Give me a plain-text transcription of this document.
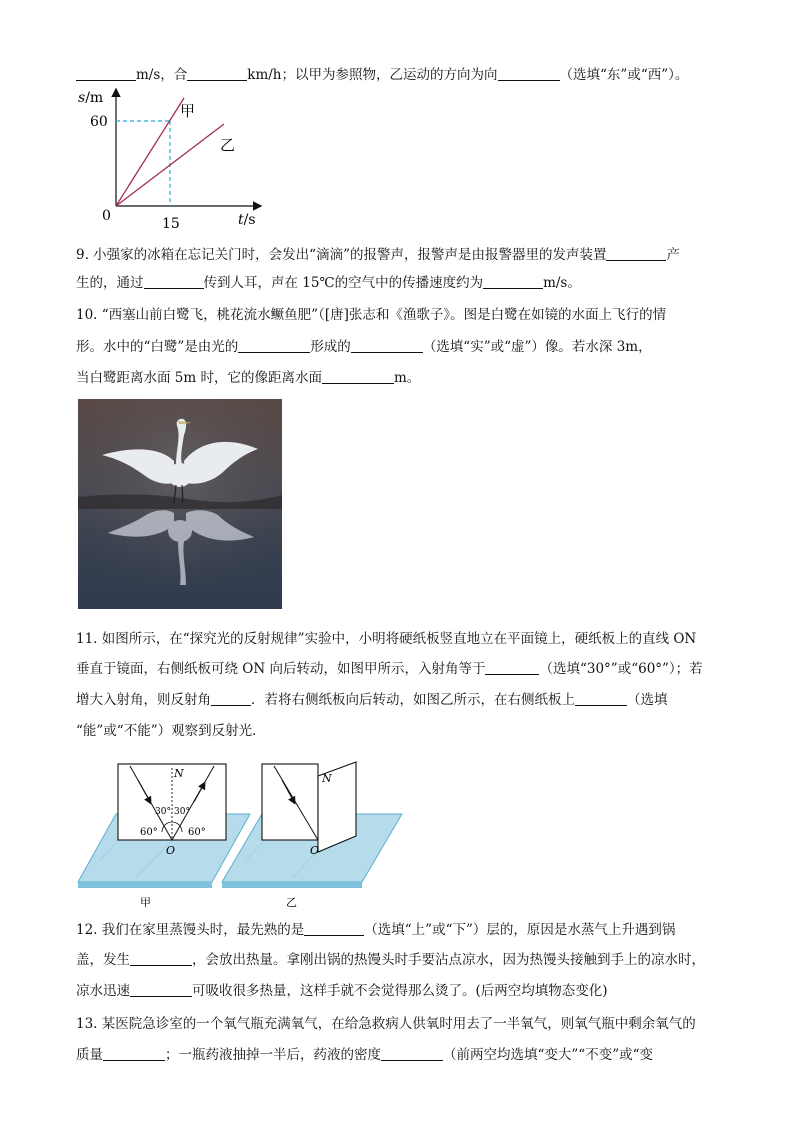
m/s，合	km/h；以甲为参照物，乙运动的方向为向	（选填“东”或“西”）。
s/m
60
0	15	t/s
甲
乙
9. 小强家的冰箱在忘记关门时，会发出“滴滴”的报警声，报警声是由报警器里的发声装置	产
生的，通过	传到人耳，声在 15℃的空气中的传播速度约为	m/s。
10. “西塞山前白鹭飞，桃花流水鳜鱼肥”（[唐]张志和《渔歌子》。图是白鹭在如镜的水面上飞行的情
形。水中的“白鹭”是由光的	形成的	（选填“实”或“虚”）像。若水深 3m，
当白鹭距离水面 5m 时，它的像距离水面	m。
11. 如图所示，在“探究光的反射规律”实验中，小明将硬纸板竖直地立在平面镜上，硬纸板上的直线 ON
垂直于镜面，右侧纸板可绕 ON 向后转动，如图甲所示，入射角等于	（选填“30°”或“60°”）；若
增大入射角，则反射角	．若将右侧纸板向后转动，如图乙所示，在右侧纸板上	（选填
“能”或“不能”）观察到反射光．
N
30° 30°
60°	60°
O
N
O
甲	乙
12. 我们在家里蒸馒头时，最先熟的是	（选填“上”或“下”）层的，原因是水蒸气上升遇到锅
盖，发生	，会放出热量。拿刚出锅的热馒头时手要沾点凉水，因为热馒头接触到手上的凉水时，
凉水迅速	可吸收很多热量，这样手就不会觉得那么烫了。(后两空均填物态变化)
13. 某医院急诊室的一个氧气瓶充满氧气，在给急救病人供氧时用去了一半氧气，则氧气瓶中剩余氧气的
质量	；一瓶药液抽掉一半后，药液的密度	（前两空均选填“变大”“不变”或“变
